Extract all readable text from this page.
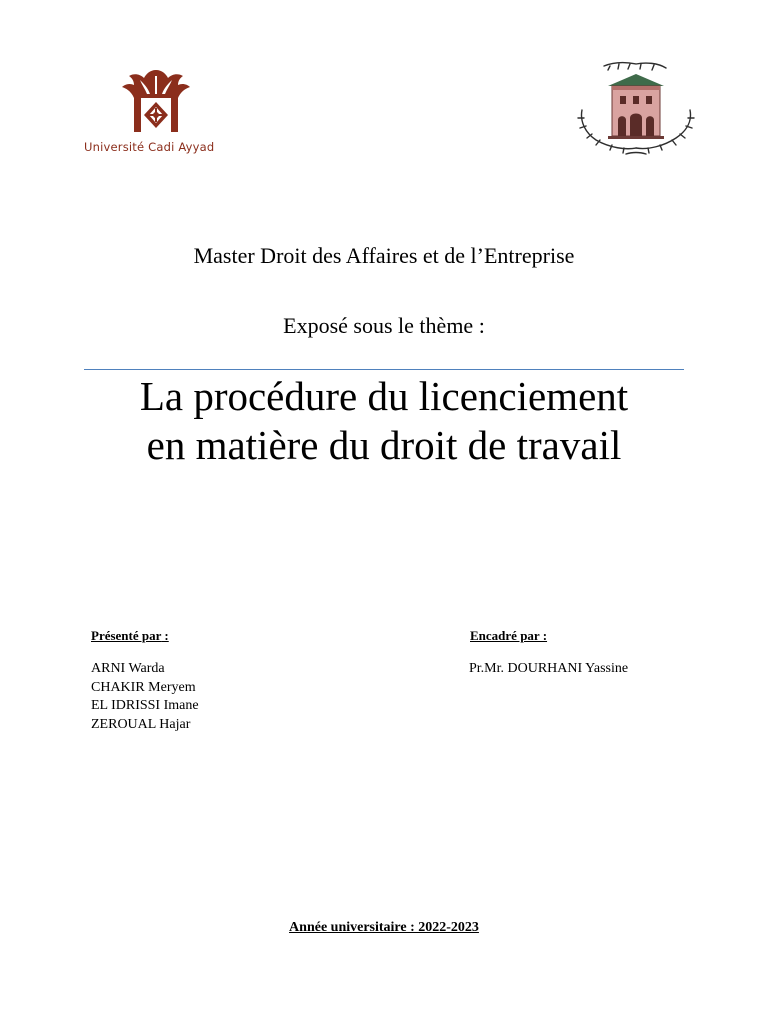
Université Cadi Ayyad
Master Droit des Affaires et de l’Entreprise
Exposé sous le thème :
La procédure du licenciement
en matière du droit de travail
Présenté par :
ARNI Warda
CHAKIR Meryem
EL IDRISSI Imane
ZEROUAL Hajar
Encadré par :
Pr.Mr. DOURHANI Yassine
Année universitaire : 2022-2023
